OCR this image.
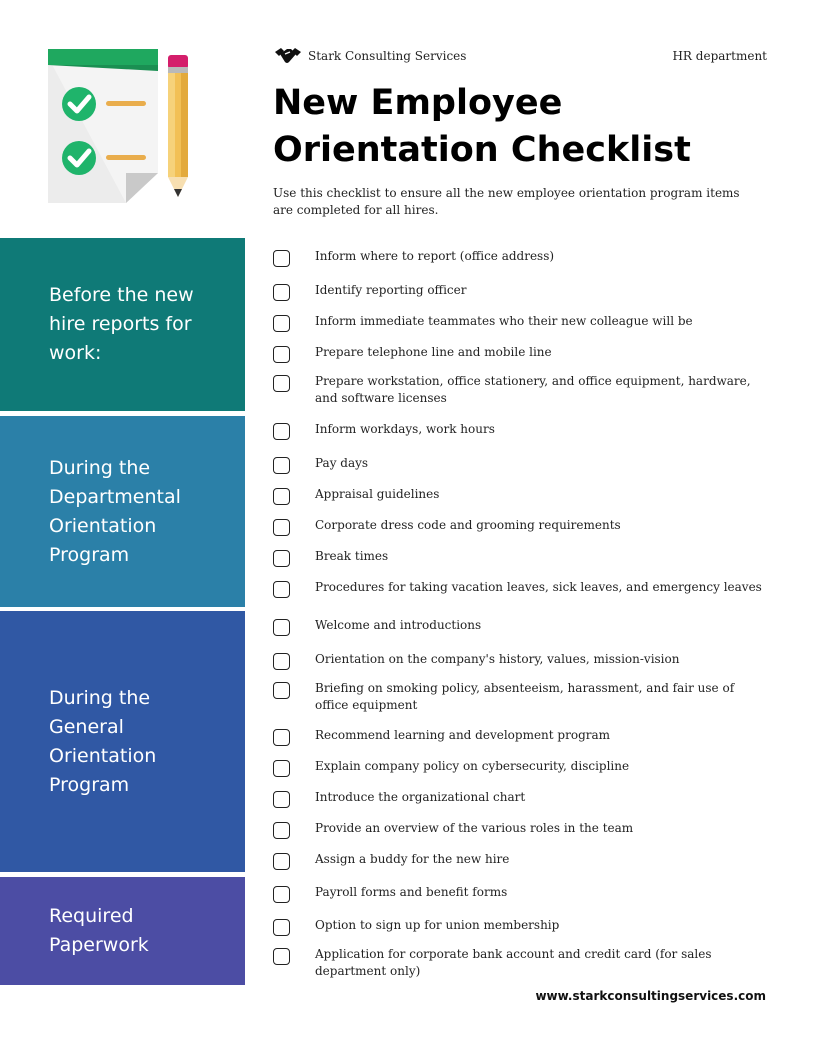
Stark Consulting Services	HR department
New Employee
Orientation Checklist

Use this checklist to ensure all the new employee orientation program items are completed for all hires.

Before the new hire reports for work:
During the Departmental Orientation Program
During the General Orientation Program
Required Paperwork
Inform where to report (office address)
Identify reporting officer
Inform immediate teammates who their new colleague will be
Prepare telephone line and mobile line
Prepare workstation, office stationery, and office equipment, hardware, and software licenses
Inform workdays, work hours
Pay days
Appraisal guidelines
Corporate dress code and grooming requirements
Break times
Procedures for taking vacation leaves, sick leaves, and emergency leaves
Welcome and introductions
Orientation on the company's history, values, mission-vision
Briefing on smoking policy, absenteeism, harassment, and fair use of office equipment
Recommend learning and development program
Explain company policy on cybersecurity, discipline
Introduce the organizational chart
Provide an overview of the various roles in the team
Assign a buddy for the new hire
Payroll forms and benefit forms
Option to sign up for union membership
Application for corporate bank account and credit card (for sales department only)
www.starkconsultingservices.com
